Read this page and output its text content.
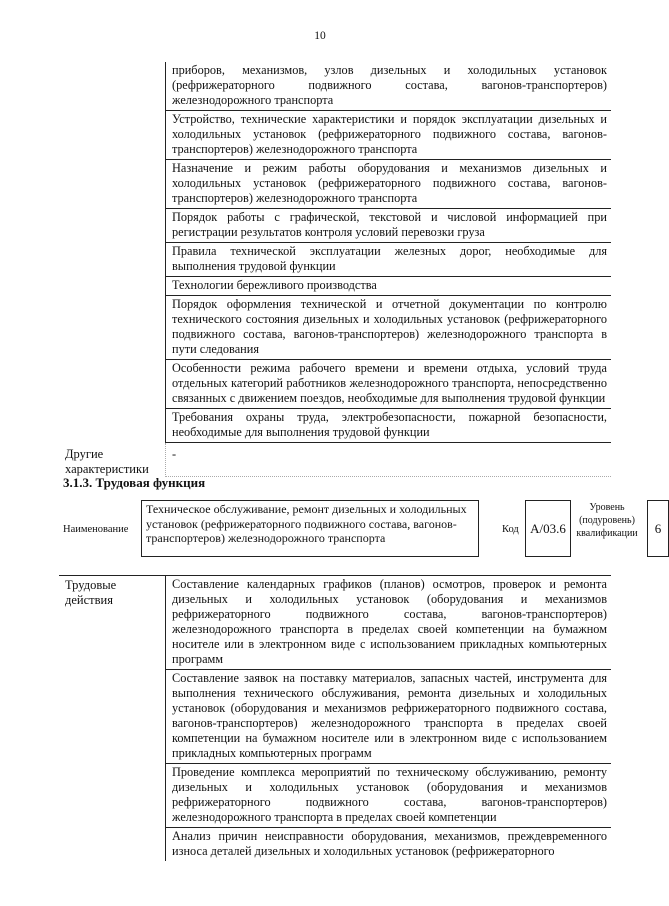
10
приборов, механизмов, узлов дизельных и холодильных установок (рефрижераторного подвижного состава, вагонов-транспортеров) железнодорожного транспорта
Устройство, технические характеристики и порядок эксплуатации дизельных и холодильных установок (рефрижераторного подвижного состава, вагонов-транспортеров) железнодорожного транспорта
Назначение и режим работы оборудования и механизмов дизельных и холодильных установок (рефрижераторного подвижного состава, вагонов-транспортеров) железнодорожного транспорта
Порядок работы с графической, текстовой и числовой информацией при регистрации результатов контроля условий перевозки груза
Правила технической эксплуатации железных дорог, необходимые для выполнения трудовой функции
Технологии бережливого производства
Порядок оформления технической и отчетной документации по контролю технического состояния дизельных и холодильных установок (рефрижераторного подвижного состава, вагонов-транспортеров) железнодорожного транспорта в пути следования
Особенности режима рабочего времени и времени отдыха, условий труда отдельных категорий работников железнодорожного транспорта, непосредственно связанных с движением поездов, необходимые для выполнения трудовой функции
Требования охраны труда, электробезопасности, пожарной безопасности, необходимые для выполнения трудовой функции
Другие характеристики
-
3.1.3. Трудовая функция
Наименование
Техническое обслуживание, ремонт дизельных и холодильных установок (рефрижераторного подвижного состава, вагонов-транспортеров) железнодорожного транспорта
Код A/03.6
Уровень (подуровень) квалификации	6
Трудовые действия
Составление календарных графиков (планов) осмотров, проверок и ремонта дизельных и холодильных установок (оборудования и механизмов рефрижераторного подвижного состава, вагонов-транспортеров) железнодорожного транспорта в пределах своей компетенции на бумажном носителе или в электронном виде с использованием прикладных компьютерных программ
Составление заявок на поставку материалов, запасных частей, инструмента для выполнения технического обслуживания, ремонта дизельных и холодильных установок (оборудования и механизмов рефрижераторного подвижного состава, вагонов-транспортеров) железнодорожного транспорта в пределах своей компетенции на бумажном носителе или в электронном виде с использованием прикладных компьютерных программ
Проведение комплекса мероприятий по техническому обслуживанию, ремонту дизельных и холодильных установок (оборудования и механизмов рефрижераторного подвижного состава, вагонов-транспортеров) железнодорожного транспорта в пределах своей компетенции
Анализ причин неисправности оборудования, механизмов, преждевременного износа деталей дизельных и холодильных установок (рефрижераторного
